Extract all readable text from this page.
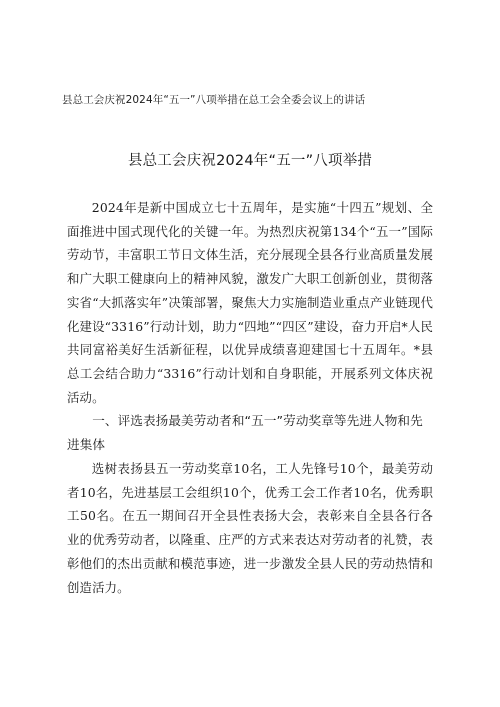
县总工会庆祝2024年“五一”八项举措在总工会全委会议上的讲话
县总工会庆祝2024年“五一”八项举措

2024年是新中国成立七十五周年，是实施“十四五”规划、全面推进中国式现代化的关键一年。为热烈庆祝第134个“五一”国际劳动节，丰富职工节日文体生活，充分展现全县各行业高质量发展和广大职工健康向上的精神风貌，激发广大职工创新创业，贯彻落实省“大抓落实年”决策部署，聚焦大力实施制造业重点产业链现代化建设“3316”行动计划，助力“四地”“四区”建设，奋力开启*人民共同富裕美好生活新征程，以优异成绩喜迎建国七十五周年。*县总工会结合助力“3316”行动计划和自身职能，开展系列文体庆祝活动。

一、评选表扬最美劳动者和“五一”劳动奖章等先进人物和先进集体

选树表扬县五一劳动奖章10名，工人先锋号10个，最美劳动者10名，先进基层工会组织10个，优秀工会工作者10名，优秀职工50名。在五一期间召开全县性表扬大会，表彰来自全县各行各业的优秀劳动者，以隆重、庄严的方式来表达对劳动者的礼赞，表彰他们的杰出贡献和模范事迹，进一步激发全县人民的劳动热情和创造活力。
